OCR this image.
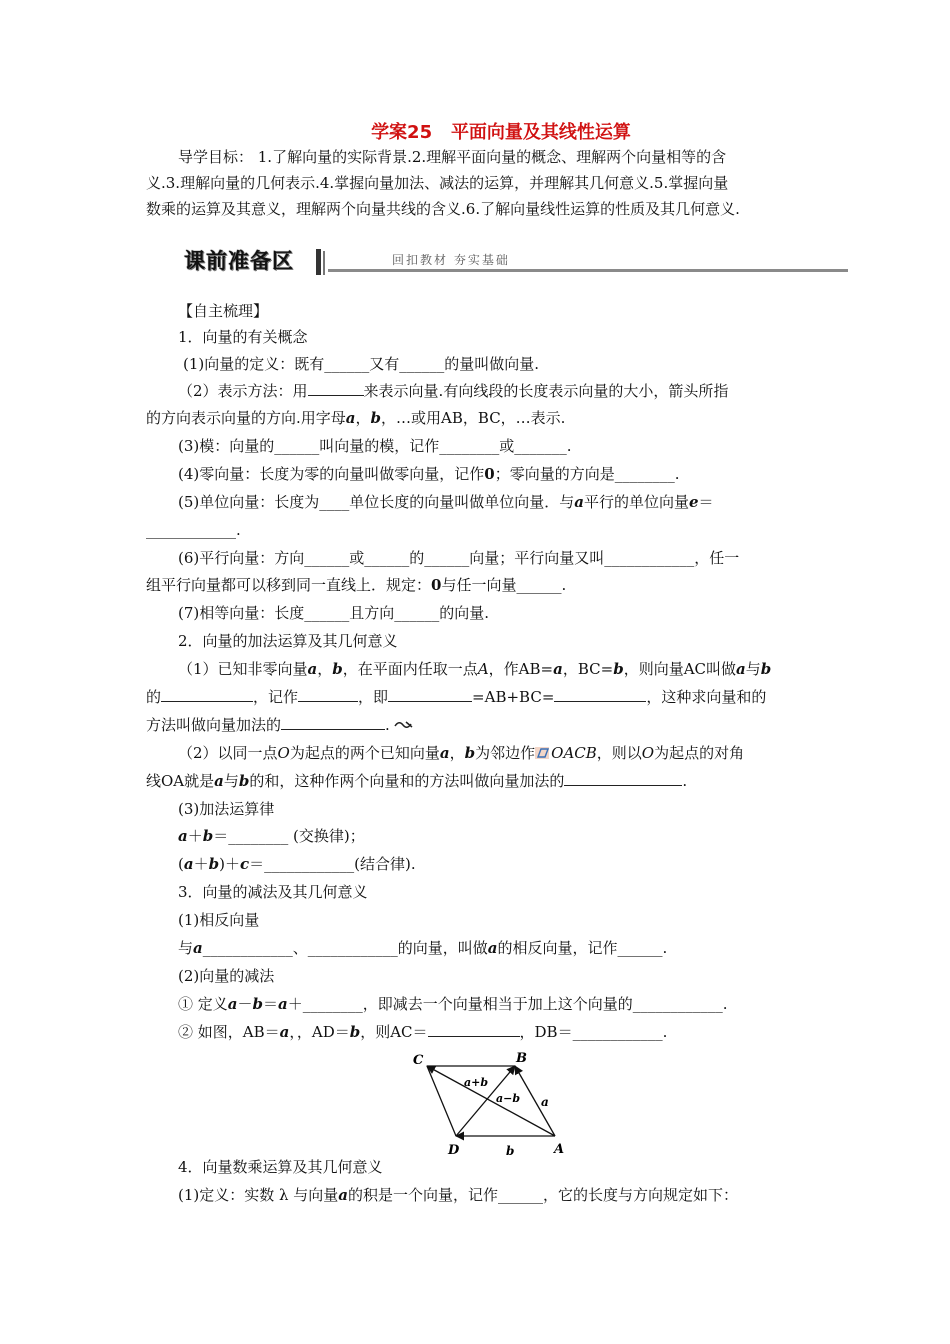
学案25 平面向量及其线性运算
导学目标： 1.了解向量的实际背景.2.理解平面向量的概念、理解两个向量相等的含
义.3.理解向量的几何表示.4.掌握向量加法、减法的运算，并理解其几何意义.5.掌握向量
数乘的运算及其意义，理解两个向量共线的含义.6.了解向量线性运算的性质及其几何意义.
课前准备区	回扣教材 夯实基础
【自主梳理】
1．向量的有关概念
(1)向量的定义：既有______又有______的量叫做向量.
（2）表示方法：用	来表示向量.有向线段的长度表示向量的大小，箭头所指
的方向表示向量的方向.用字母a，b，…或用AB，BC，…表示.
(3)模：向量的______叫向量的模，记作________或_______.
(4)零向量：长度为零的向量叫做零向量，记作0；零向量的方向是________.
(5)单位向量：长度为____单位长度的向量叫做单位向量．与a平行的单位向量e＝
____________.
(6)平行向量：方向______或______的______向量；平行向量又叫____________，任一
组平行向量都可以移到同一直线上．规定：0与任一向量______.
(7)相等向量：长度______且方向______的向量.
2．向量的加法运算及其几何意义
（1）已知非零向量a，b，在平面内任取一点A，作AB=a，BC=b，则向量AC叫做a与b
的	，记作	，即	=AB+BC=	，这种求向量和的
方法叫做向量加法的	.
（2）以同一点O为起点的两个已知向量a，b为邻边作 OACB，则以O为起点的对角
线OA就是a与b的和，这种作两个向量和的方法叫做向量加法的	.
(3)加法运算律
a＋b＝________ (交换律)；
(a＋b)＋c＝____________(结合律).
3．向量的减法及其几何意义
(1)相反向量
与a____________、____________的向量，叫做a的相反向量，记作______.
(2)向量的减法
① 定义a－b＝a＋________，即减去一个向量相当于加上这个向量的____________.
② 如图，AB＝a，，AD＝b，则AC＝	，DB＝____________.
C	B
D	A
a+b
a−b a
b
4．向量数乘运算及其几何意义
(1)定义：实数 λ 与向量a的积是一个向量，记作______，它的长度与方向规定如下：
